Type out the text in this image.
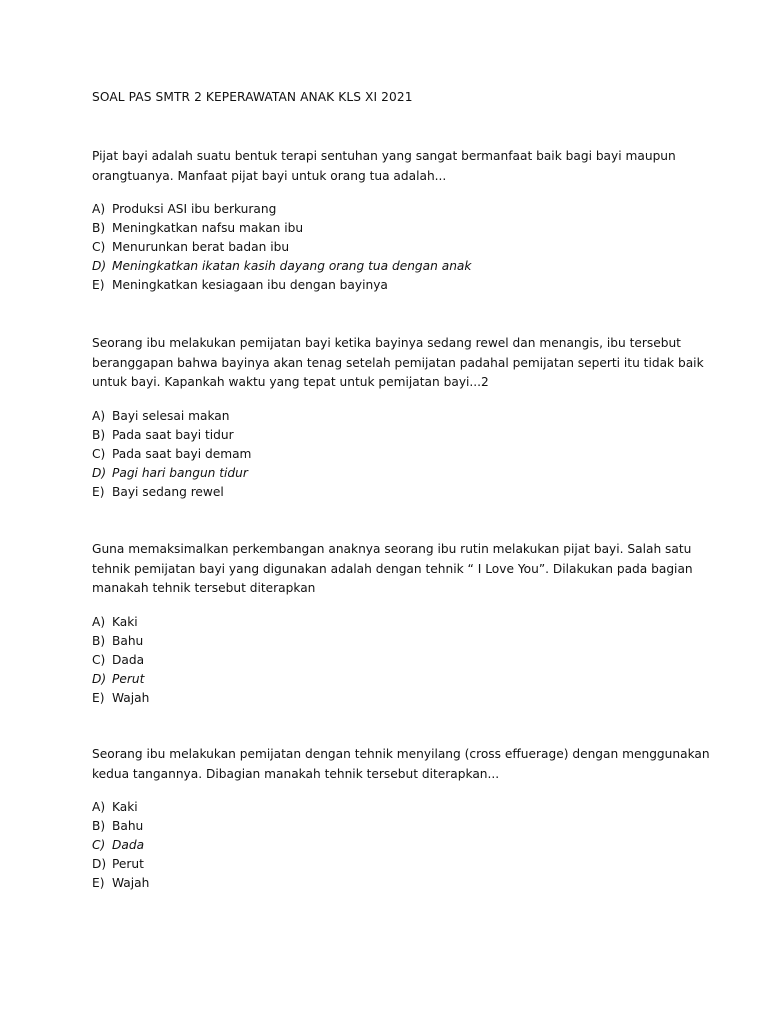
SOAL PAS SMTR 2 KEPERAWATAN ANAK KLS XI 2021

Pijat bayi adalah suatu bentuk terapi sentuhan yang sangat bermanfaat baik bagi bayi maupun
orangtuanya. Manfaat pijat bayi untuk orang tua adalah...

A) Produksi ASI ibu berkurang
B) Meningkatkan nafsu makan ibu
C) Menurunkan berat badan ibu
D) Meningkatkan ikatan kasih dayang orang tua dengan anak
E) Meningkatkan kesiagaan ibu dengan bayinya

Seorang ibu melakukan pemijatan bayi ketika bayinya sedang rewel dan menangis, ibu tersebut
beranggapan bahwa bayinya akan tenag setelah pemijatan padahal pemijatan seperti itu tidak baik
untuk bayi. Kapankah waktu yang tepat untuk pemijatan bayi...2

A) Bayi selesai makan
B) Pada saat bayi tidur
C) Pada saat bayi demam
D) Pagi hari bangun tidur
E) Bayi sedang rewel

Guna memaksimalkan perkembangan anaknya seorang ibu rutin melakukan pijat bayi. Salah satu
tehnik pemijatan bayi yang digunakan adalah dengan tehnik “ I Love You”. Dilakukan pada bagian
manakah tehnik tersebut diterapkan

A) Kaki
B) Bahu
C) Dada
D) Perut
E) Wajah

Seorang ibu melakukan pemijatan dengan tehnik menyilang (cross effuerage) dengan menggunakan
kedua tangannya. Dibagian manakah tehnik tersebut diterapkan...

A) Kaki
B) Bahu
C) Dada
D) Perut
E) Wajah
